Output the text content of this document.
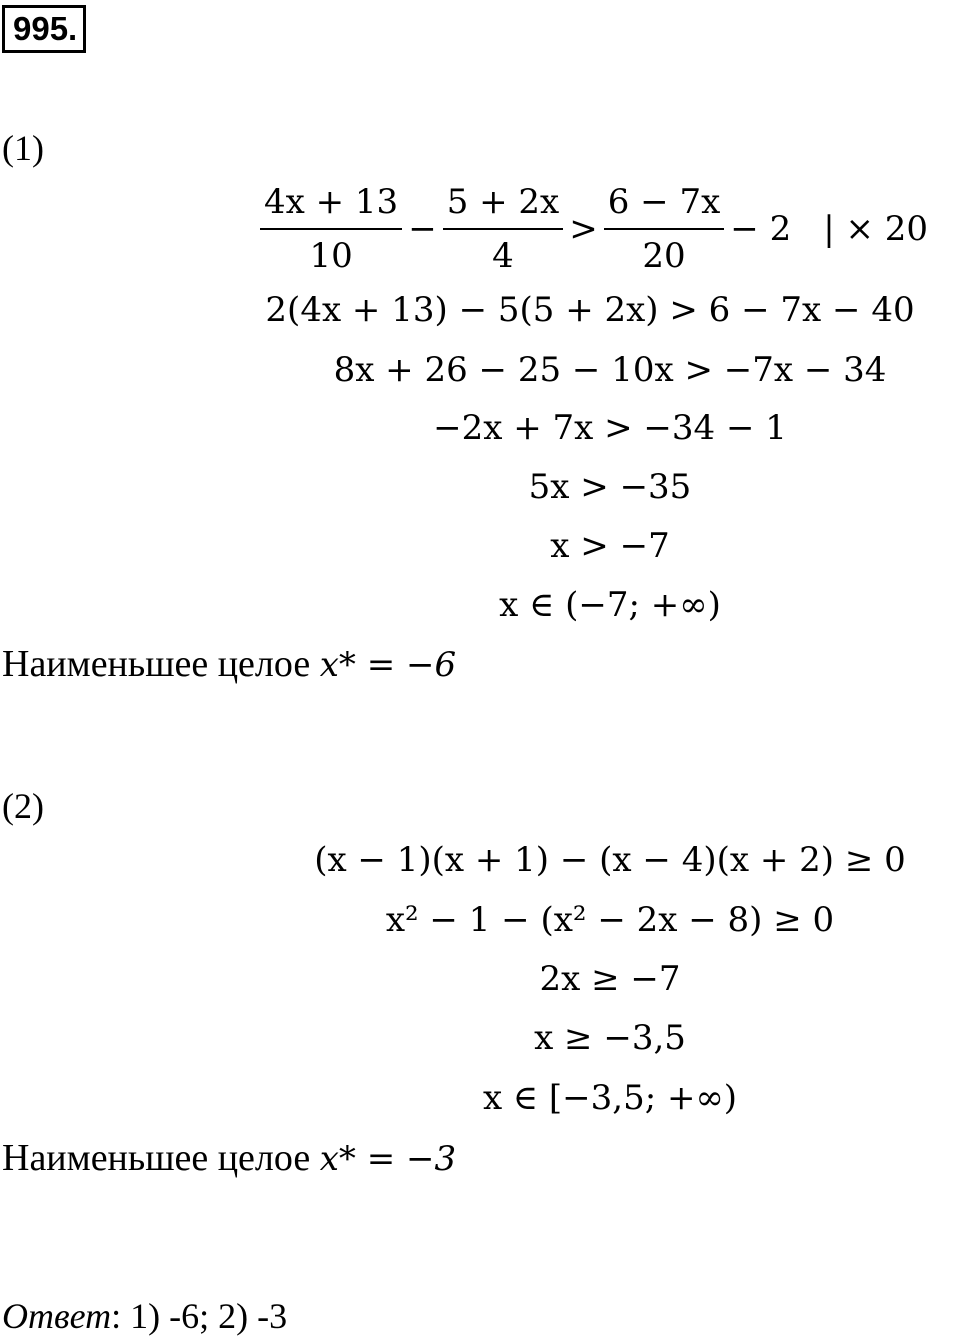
995.
(1)
$\frac{4x + 13}{10} - \frac{5 + 2x}{4} > \frac{6 - 7x}{20} - 2$ | × 20
2(4x + 13) − 5(5 + 2x) > 6 − 7x − 40
8x + 26 − 25 − 10x > −7x − 34
−2x + 7x > −34 − 1
5x > −35
x > −7
x ∈ (−7; +∞)
Наименьшее целое x* = −6
(2)
(x − 1)(x + 1) − (x − 4)(x + 2) ≥ 0
x² − 1 − (x² − 2x − 8) ≥ 0
2x ≥ −7
x ≥ −3,5
x ∈ [−3,5; +∞)
Наименьшее целое x* = −3
Ответ: 1) -6; 2) -3
